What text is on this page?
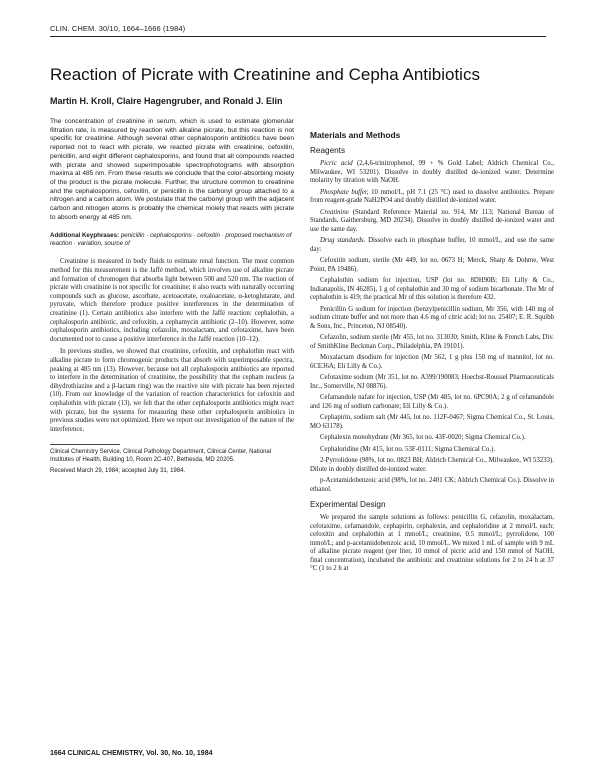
CLIN. CHEM. 30/10, 1664–1666 (1984)
Reaction of Picrate with Creatinine and Cepha Antibiotics
Martin H. Kroll, Claire Hagengruber, and Ronald J. Elin

The concentration of creatinine in serum, which is used to estimate glomerular filtration rate, is measured by reaction with alkaline picrate, but this reaction is not specific for creatinine. Although several other cephalosporin antibiotics have been reported not to react with picrate, we reacted picrate with creatinine, cefoxitin, penicillin, and eight different cephalosporins, and found that all compounds reacted with picrate and showed superimposable spectrophotograms with absorption maxima at 485 nm. From these results we conclude that the color-absorbing moiety of the product is the picrate molecule. Further, the structure common to creatinine and the cephalosporins, cefoxitin, or penicillin is the carbonyl group attached to a nitrogen and a carbon atom. We postulate that the carbonyl group with the adjacent carbon and nitrogen atoms is probably the chemical moiety that reacts with picrate to absorb energy at 485 nm.

Additional Keyphrases: penicillin · cephalosporins · cefoxitin · proposed mechanism of reaction · variation, source of

Creatinine is measured in body fluids to estimate renal function. The most common method for this measurement is the Jaffé method, which involves use of alkaline picrate and formation of chromogen that absorbs light between 500 and 520 nm. The reaction of picrate with creatinine is not specific for creatinine; it also reacts with naturally occurring compounds such as glucose, ascorbate, acetoacetate, oxaloacetate, α-ketoglutarate, and pyruvate, which therefore produce positive interferences in the determination of creatinine (1). Certain antibiotics also interfere with the Jaffé reaction: cephalothin, a cephalosporin antibiotic, and cefoxitin, a cephamycin antibiotic (2–10). However, some cephalosporin antibiotics, including cefazolin, moxalactam, and cefotaxime, have been documented not to cause a positive interference in the Jaffé reaction (10–12).

In previous studies, we showed that creatinine, cefoxitin, and cephalothin react with alkaline picrate to form chromogenic products that absorb with superimposable spectra, peaking at 485 nm (13). However, because not all cephalosporin antibiotics are reported to interfere in the determination of creatinine, the possibility that the cepham nucleus (a dihydrothiazine and a β-lactam ring) was the reactive site with picrate has been rejected (10). From our knowledge of the variation of reaction characteristics for cefoxitin and cephalothin with picrate (13), we felt that the other cephalosporin antibiotics might react with picrate, but the systems for measuring these other cephalosporin antibiotics in previous studies were not optimized. Here we report our investigation of the nature of the interference.

Clinical Chemistry Service, Clinical Pathology Department, Clinical Center, National Institutes of Health, Building 10, Room 2C-407, Bethesda, MD 20205.

Received March 29, 1984; accepted July 31, 1984.

Materials and Methods
Reagents

Picric acid (2,4,6-trinitrophenol, 99 + % Gold Label; Aldrich Chemical Co., Milwaukee, WI 53201). Dissolve in doubly distilled de-ionized water. Determine molarity by titration with NaOH.

Phosphate buffer, 10 mmol/L, pH 7.1 (25 °C) used to dissolve antibiotics. Prepare from reagent-grade NaH2PO4 and doubly distilled de-ionized water.

Creatinine (Standard Reference Material no. 914, Mr 113; National Bureau of Standards, Gaithersburg, MD 20234). Dissolve in doubly distilled de-ionized water and use the same day.

Drug standards. Dissolve each in phosphate buffer, 10 mmol/L, and use the same day:

Cefoxitin sodium, sterile (Mr 449, lot no. 0673 H; Merck, Sharp & Dohme, West Point, PA 19486).

Cephalothin sodium for injection, USP (lot no. 8DH90B; Eli Lilly & Co., Indianapolis, IN 46285), 1 g of cephalothin and 30 mg of sodium bicarbonate. The Mr of cephalothin is 419; the practical Mr of this solution is therefore 432.

Penicillin G sodium for injection (benzylpenicillin sodium, Mr 356, with 140 mg of sodium citrate buffer and not more than 4.6 mg of citric acid; lot no. 25407; E. R. Squibb & Sons, Inc., Princeton, NJ 08540).

Cefazolin, sodium sterile (Mr 455, lot no. 313030; Smith, Kline & French Labs, Div. of SmithKline Beckman Corp., Philadelphia, PA 19101).

Moxalactam disodium for injection (Mr 562, 1 g plus 150 mg of mannitol, lot no. 6CE36A; Eli Lilly & Co.).

Cefotaxime sodium (Mr 351, lot no. A399/190083; Hoechst-Roussel Pharmaceuticals Inc., Somerville, NJ 08876).

Cefamandole nafate for injection, USP (Mr 485, lot no. 6PC90A; 2 g of cefamandole and 126 mg of sodium carbonate; Eli Lilly & Co.).

Cephapirin, sodium salt (Mr 445, lot no. 112F-0467; Sigma Chemical Co., St. Louis, MO 63178).

Cephalexin monohydrate (Mr 365, lot no. 43F-0020; Sigma Chemical Co.).

Cephaloridine (Mr 415, lot no. 53F-0111; Sigma Chemical Co.).

2-Pyrrolidone (98%, lot no. 0823 BH; Aldrich Chemical Co., Milwaukee, WI 53233). Dilute in doubly distilled de-ionized water.

p-Acetamidobenzoic acid (98%, lot no. 2401 CK; Aldrich Chemical Co.). Dissolve in ethanol.

Experimental Design

We prepared the sample solutions as follows: penicillin G, cefazolin, moxalactam, cefotaxime, cefamandole, cephapirin, cephalexin, and cephaloridine at 2 mmol/L each; cefoxitin and cephalothin at 1 mmol/L; creatinine, 0.5 mmol/L; pyrrolidone, 100 mmol/L; and p-acetamidobenzoic acid, 10 mmol/L. We mixed 1 mL of sample with 9 mL of alkaline picrate reagent (per liter, 10 mmol of picric acid and 150 mmol of NaOH, final concentration), incubated the antibiotic and creatinine solutions for 2 to 24 h at 37 °C (1 to 2 h at

1664 CLINICAL CHEMISTRY, Vol. 30, No. 10, 1984
